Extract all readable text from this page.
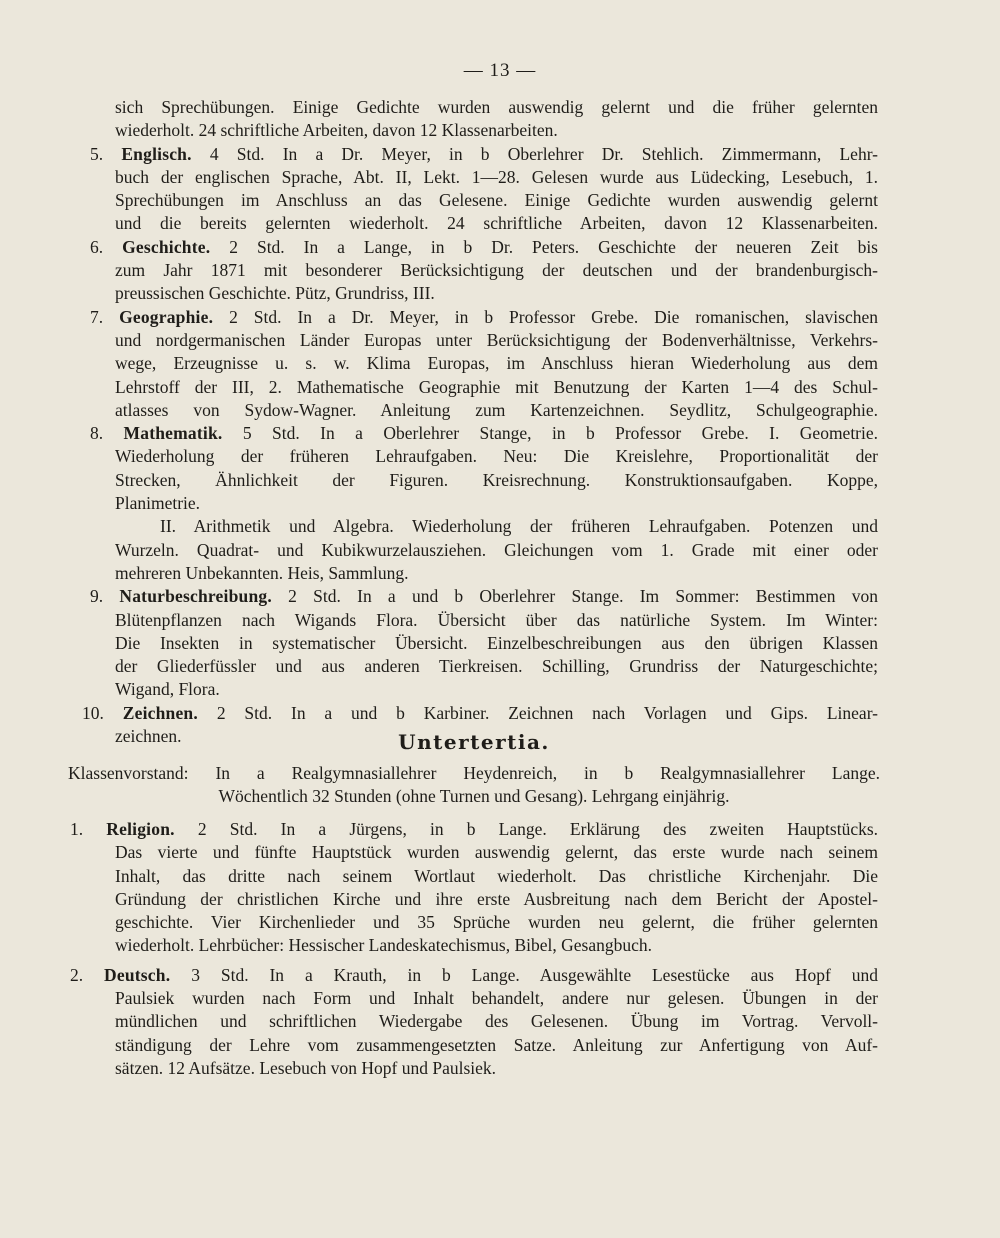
— 13 —
sich Sprechübungen. Einige Gedichte wurden auswendig gelernt und die früher gelernten
wiederholt. 24 schriftliche Arbeiten, davon 12 Klassenarbeiten.
5. Englisch. 4 Std. In a Dr. Meyer, in b Oberlehrer Dr. Stehlich. Zimmermann, Lehr-
buch der englischen Sprache, Abt. II, Lekt. 1—28. Gelesen wurde aus Lüdecking, Lesebuch, 1.
Sprechübungen im Anschluss an das Gelesene. Einige Gedichte wurden auswendig gelernt
und die bereits gelernten wiederholt. 24 schriftliche Arbeiten, davon 12 Klassenarbeiten.
6. Geschichte. 2 Std. In a Lange, in b Dr. Peters. Geschichte der neueren Zeit bis
zum Jahr 1871 mit besonderer Berücksichtigung der deutschen und der brandenburgisch-
preussischen Geschichte. Pütz, Grundriss, III.
7. Geographie. 2 Std. In a Dr. Meyer, in b Professor Grebe. Die romanischen, slavischen
und nordgermanischen Länder Europas unter Berücksichtigung der Bodenverhältnisse, Verkehrs-
wege, Erzeugnisse u. s. w. Klima Europas, im Anschluss hieran Wiederholung aus dem
Lehrstoff der III, 2. Mathematische Geographie mit Benutzung der Karten 1—4 des Schul-
atlasses von Sydow-Wagner. Anleitung zum Kartenzeichnen. Seydlitz, Schulgeographie.
8. Mathematik. 5 Std. In a Oberlehrer Stange, in b Professor Grebe. I. Geometrie.
Wiederholung der früheren Lehraufgaben. Neu: Die Kreislehre, Proportionalität der
Strecken, Ähnlichkeit der Figuren. Kreisrechnung. Konstruktionsaufgaben. Koppe,
Planimetrie.
II. Arithmetik und Algebra. Wiederholung der früheren Lehraufgaben. Potenzen und
Wurzeln. Quadrat- und Kubikwurzelausziehen. Gleichungen vom 1. Grade mit einer oder
mehreren Unbekannten. Heis, Sammlung.
9. Naturbeschreibung. 2 Std. In a und b Oberlehrer Stange. Im Sommer: Bestimmen von
Blütenpflanzen nach Wigands Flora. Übersicht über das natürliche System. Im Winter:
Die Insekten in systematischer Übersicht. Einzelbeschreibungen aus den übrigen Klassen
der Gliederfüssler und aus anderen Tierkreisen. Schilling, Grundriss der Naturgeschichte;
Wigand, Flora.
10. Zeichnen. 2 Std. In a und b Karbiner. Zeichnen nach Vorlagen und Gips. Linear-
zeichnen.	Untertertia.
Klassenvorstand: In a Realgymnasiallehrer Heydenreich, in b Realgymnasiallehrer Lange.
Wöchentlich 32 Stunden (ohne Turnen und Gesang). Lehrgang einjährig.
1. Religion. 2 Std. In a Jürgens, in b Lange. Erklärung des zweiten Hauptstücks.
Das vierte und fünfte Hauptstück wurden auswendig gelernt, das erste wurde nach seinem
Inhalt, das dritte nach seinem Wortlaut wiederholt. Das christliche Kirchenjahr. Die
Gründung der christlichen Kirche und ihre erste Ausbreitung nach dem Bericht der Apostel-
geschichte. Vier Kirchenlieder und 35 Sprüche wurden neu gelernt, die früher gelernten
wiederholt. Lehrbücher: Hessischer Landeskatechismus, Bibel, Gesangbuch.
2. Deutsch. 3 Std. In a Krauth, in b Lange. Ausgewählte Lesestücke aus Hopf und
Paulsiek wurden nach Form und Inhalt behandelt, andere nur gelesen. Übungen in der
mündlichen und schriftlichen Wiedergabe des Gelesenen. Übung im Vortrag. Vervoll-
ständigung der Lehre vom zusammengesetzten Satze. Anleitung zur Anfertigung von Auf-
sätzen. 12 Aufsätze. Lesebuch von Hopf und Paulsiek.
